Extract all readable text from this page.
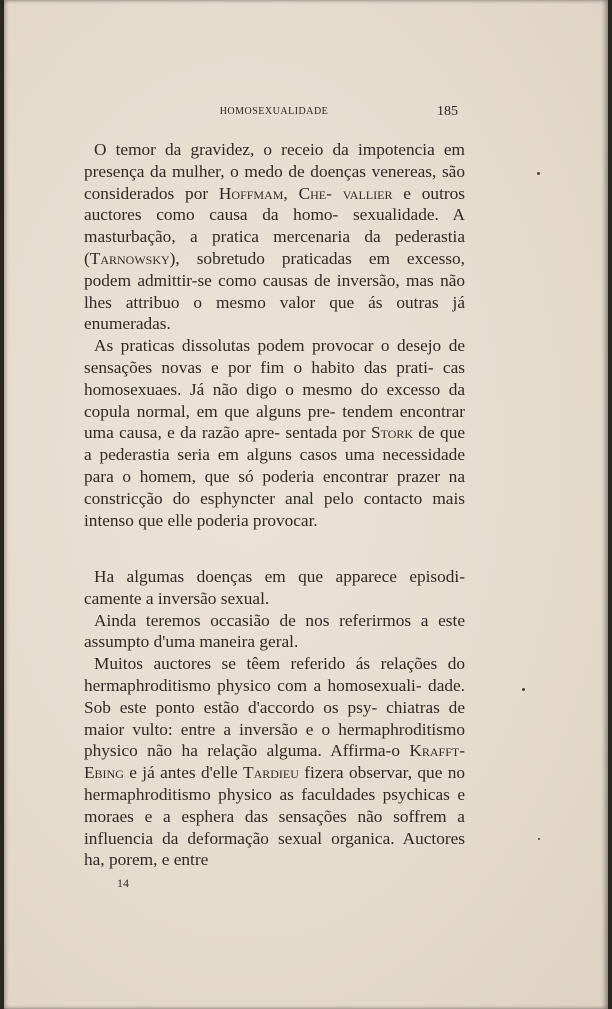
HOMOSEXUALIDADE	185

O temor da gravidez, o receio da impotencia em presença da mulher, o medo de doenças venereas, são considerados por Hoffmam, Che- vallier e outros auctores como causa da homo- sexualidade. A masturbação, a pratica mercenaria da pederastia (Tarnowsky), sobretudo praticadas em excesso, podem admittir-se como causas de inversão, mas não lhes attribuo o mesmo valor que ás outras já enumeradas.

As praticas dissolutas podem provocar o desejo de sensações novas e por fim o habito das prati- cas homosexuaes. Já não digo o mesmo do excesso da copula normal, em que alguns pre- tendem encontrar uma causa, e da razão apre- sentada por Stork de que a pederastia seria em alguns casos uma necessidade para o homem, que só poderia encontrar prazer na constricção do esphyncter anal pelo contacto mais intenso que elle poderia provocar.

Ha algumas doenças em que apparece episodi- camente a inversão sexual.

Ainda teremos occasião de nos referirmos a este assumpto d'uma maneira geral.

Muitos auctores se têem referido ás relações do hermaphroditismo physico com a homosexuali- dade. Sob este ponto estão d'accordo os psy- chiatras de maior vulto: entre a inversão e o hermaphroditismo physico não ha relação alguma. Affirma-o Krafft-Ebing e já antes d'elle Tardieu fizera observar, que no hermaphroditismo physico as faculdades psychicas e moraes e a esphera das sensações não soffrem a influencia da deformação sexual organica. Auctores ha, porem, e entre

14
